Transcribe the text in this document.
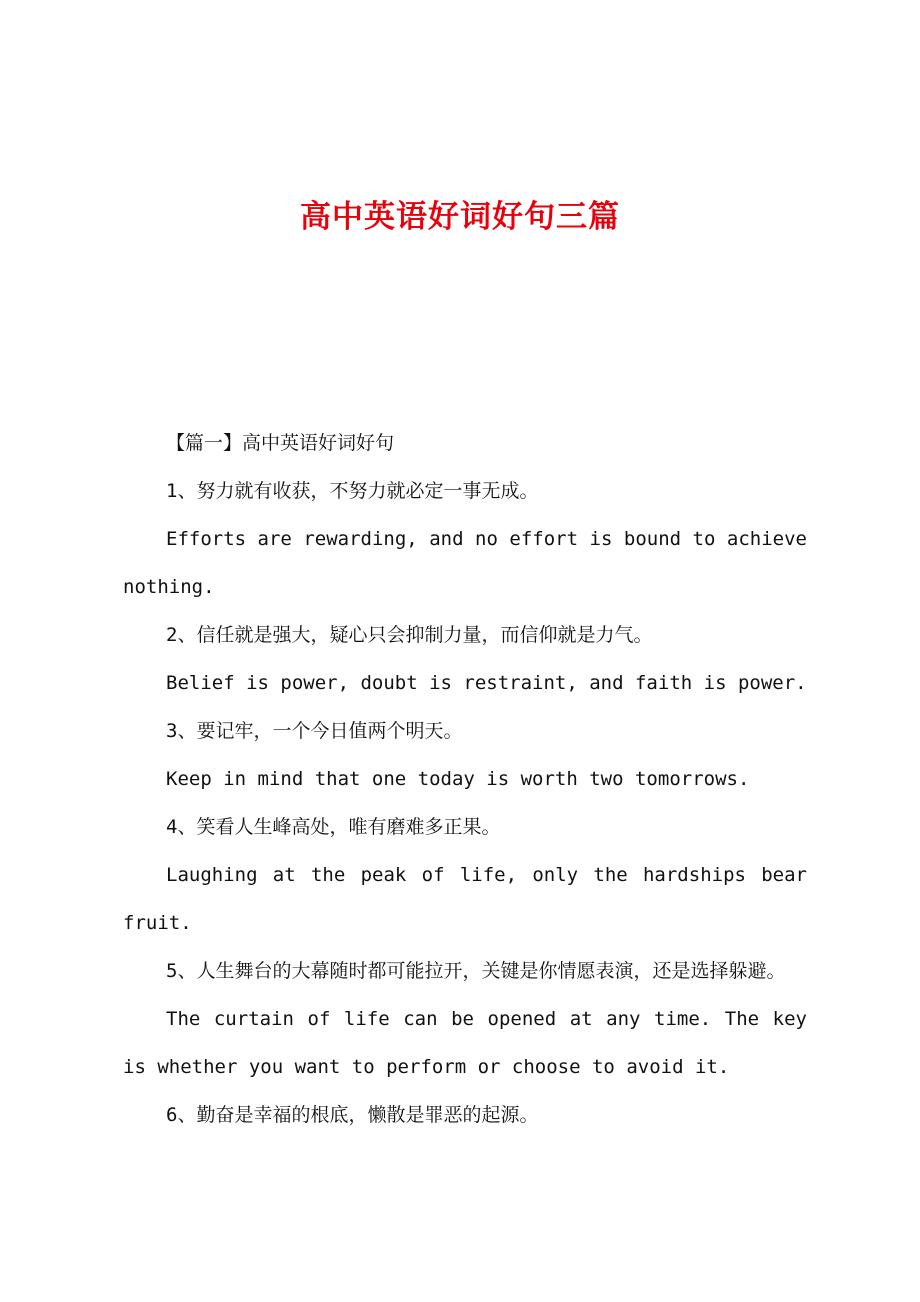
高中英语好词好句三篇

【篇一】高中英语好词好句

1、努力就有收获，不努力就必定一事无成。

Efforts are rewarding, and no effort is bound to achieve nothing.

2、信任就是强大，疑心只会抑制力量，而信仰就是力气。

Belief is power, doubt is restraint, and faith is power.

3、要记牢，一个今日值两个明天。

Keep in mind that one today is worth two tomorrows.

4、笑看人生峰高处，唯有磨难多正果。

Laughing at the peak of life, only the hardships bear fruit.

5、人生舞台的大幕随时都可能拉开，关键是你情愿表演，还是选择躲避。

The curtain of life can be opened at any time. The key is whether you want to perform or choose to avoid it.

6、勤奋是幸福的根底，懒散是罪恶的起源。
